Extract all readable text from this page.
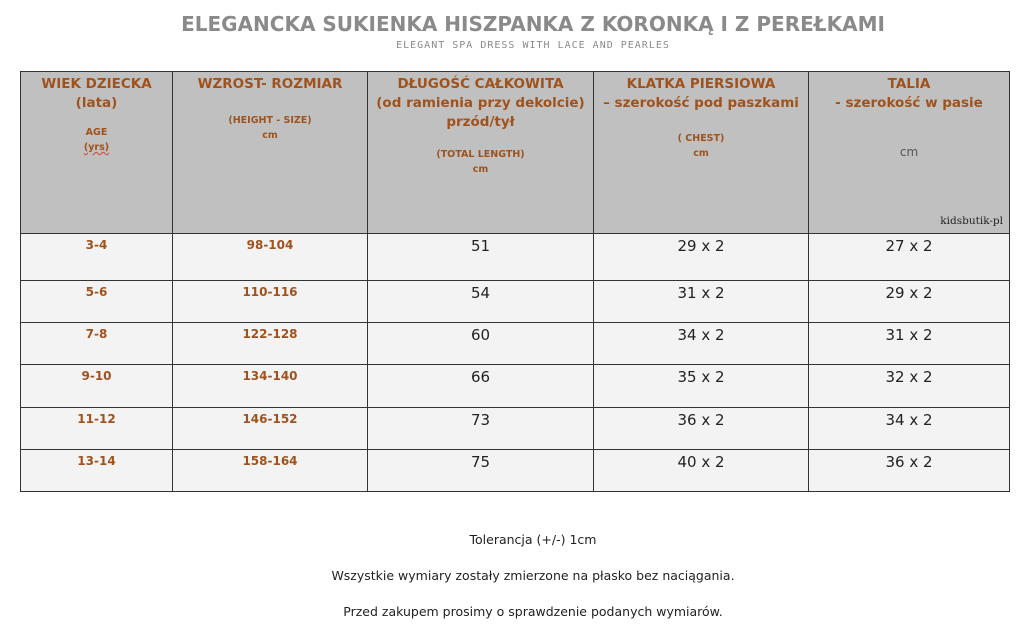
ELEGANCKA SUKIENKA HISZPANKA Z KORONKĄ I Z PEREŁKAMI
ELEGANT SPA DRESS WITH LACE AND PEARLES
WIEK DZIECKA
(lata)
AGE
(yrs)	WZROST- ROZMIAR
(HEIGHT - SIZE)
cm	DŁUGOŚĆ CAŁKOWITA
(od ramienia przy dekolcie)
przód/tył
(TOTAL LENGTH)
cm	KLATKA PIERSIOWA
– szerokość pod paszkami
( CHEST)
cm	TALIA
- szerokość w pasie
cm
kidsbutik-pl

3-4	98-104	51	29 x 2	27 x 2

5-6	110-116	54	31 x 2	29 x 2

7-8	122-128	60	34 x 2	31 x 2

9-10	134-140	66	35 x 2	32 x 2

11-12	146-152	73	36 x 2	34 x 2

13-14	158-164	75	40 x 2	36 x 2
Tolerancja (+/-) 1cm
Wszystkie wymiary zostały zmierzone na płasko bez naciągania.
Przed zakupem prosimy o sprawdzenie podanych wymiarów.
